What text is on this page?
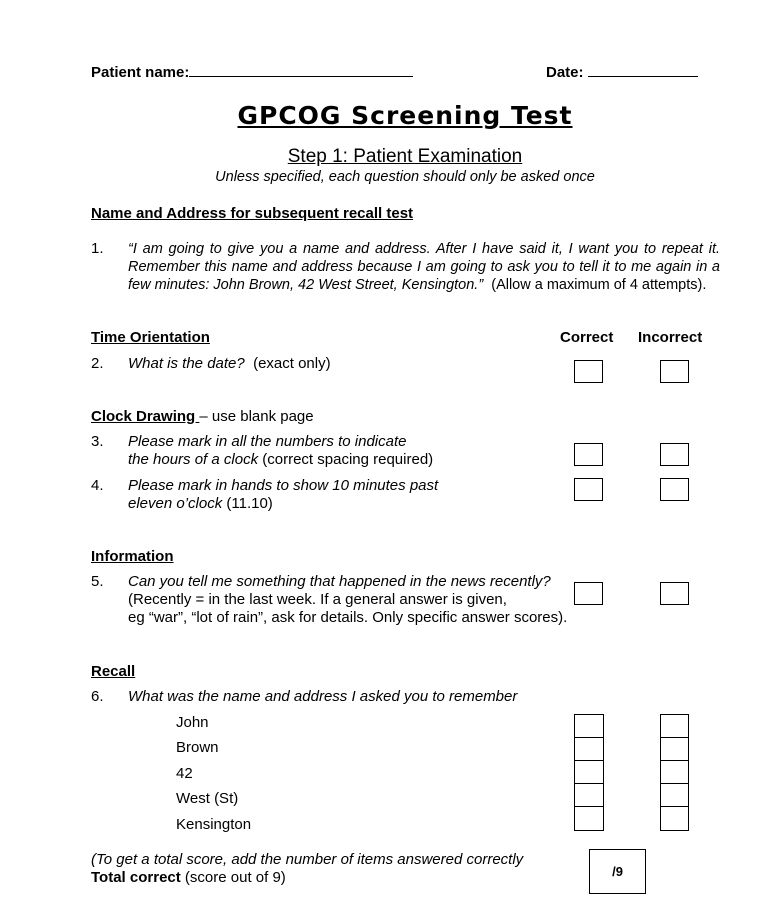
Patient name:	Date:
GPCOG Screening Test
Step 1: Patient Examination
Unless specified, each question should only be asked once
Name and Address for subsequent recall test
1. “I am going to give you a name and address. After I have said it, I want you to repeat it. Remember this name and address because I am going to ask you to tell it to me again in a few minutes: John Brown, 42 West Street, Kensington.” (Allow a maximum of 4 attempts).
Time Orientation	Correct Incorrect
2. What is the date? (exact only)
Clock Drawing – use blank page
3. Please mark in all the numbers to indicate
the hours of a clock (correct spacing required)
4. Please mark in hands to show 10 minutes past
eleven o’clock (11.10)
Information
5. Can you tell me something that happened in the news recently?
(Recently = in the last week. If a general answer is given,
eg “war”, “lot of rain”, ask for details. Only specific answer scores).
Recall
6. What was the name and address I asked you to remember
John
Brown
42
West (St)
Kensington
(To get a total score, add the number of items answered correctly
Total correct (score out of 9)	/9
